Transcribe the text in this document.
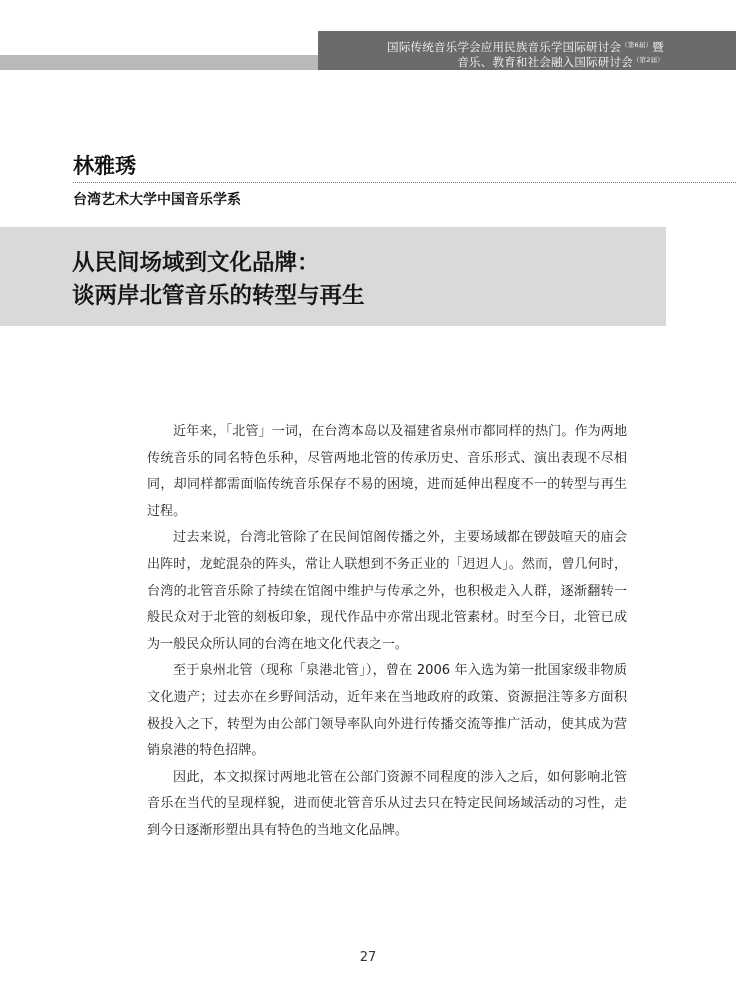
国际传统音乐学会应用民族音乐学国际研讨会$^{(第6届)}$暨
音乐、教育和社会融入国际研讨会$^{(第2届)}$
林雅琇
台湾艺术大学中国音乐学系
从民间场域到文化品牌：
谈两岸北管音乐的转型与再生

近年来，「北管」一词，在台湾本岛以及福建省泉州市都同样的热门。作为两地传统音乐的同名特色乐种，尽管两地北管的传承历史、音乐形式、演出表现不尽相同，却同样都需面临传统音乐保存不易的困境，进而延伸出程度不一的转型与再生过程。

过去来说，台湾北管除了在民间馆阁传播之外，主要场域都在锣鼓喧天的庙会出阵时，龙蛇混杂的阵头，常让人联想到不务正业的「迌迌人」。然而，曾几何时，台湾的北管音乐除了持续在馆阁中维护与传承之外，也积极走入人群，逐渐翻转一般民众对于北管的刻板印象，现代作品中亦常出现北管素材。时至今日，北管已成为一般民众所认同的台湾在地文化代表之一。

至于泉州北管（现称「泉港北管」），曾在 2006 年入选为第一批国家级非物质文化遗产；过去亦在乡野间活动，近年来在当地政府的政策、资源挹注等多方面积极投入之下，转型为由公部门领导率队向外进行传播交流等推广活动，使其成为营销泉港的特色招牌。

因此，本文拟探讨两地北管在公部门资源不同程度的涉入之后，如何影响北管音乐在当代的呈现样貌，进而使北管音乐从过去只在特定民间场域活动的习性，走到今日逐渐形塑出具有特色的当地文化品牌。

27
